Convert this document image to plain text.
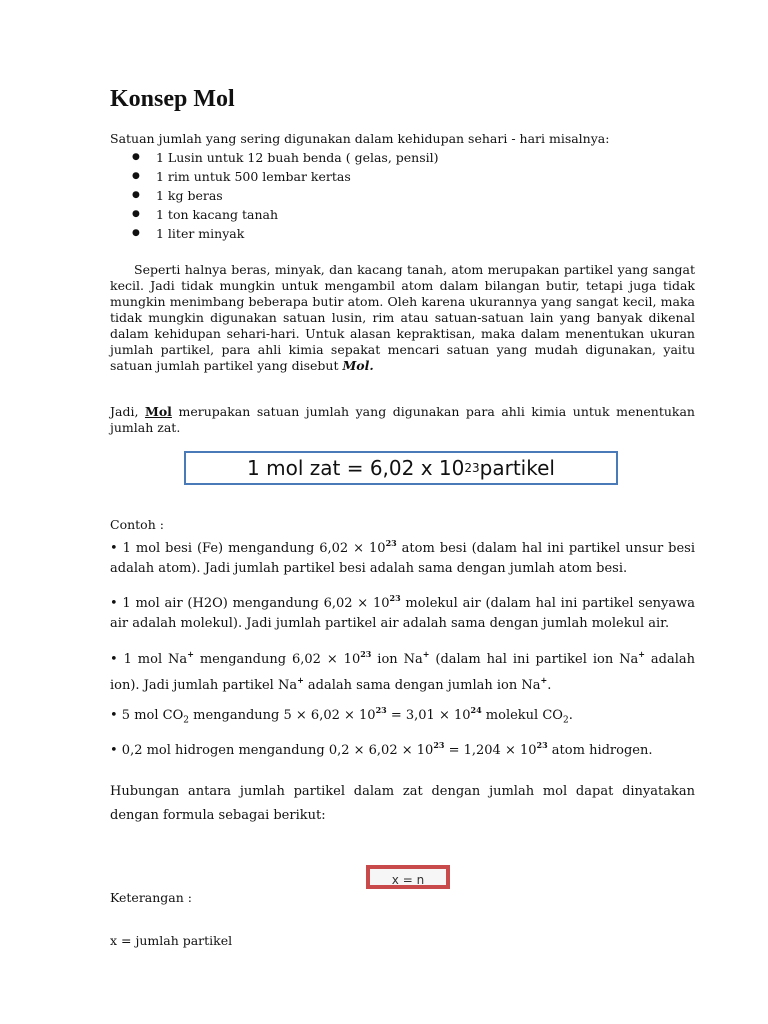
Konsep Mol

Satuan jumlah yang sering digunakan dalam kehidupan sehari - hari misalnya:

● 1 Lusin untuk 12 buah benda ( gelas, pensil)
● 1 rim untuk 500 lembar kertas
● 1 kg beras
● 1 ton kacang tanah
● 1 liter minyak

Seperti halnya beras, minyak, dan kacang tanah, atom merupakan partikel yang sangat kecil. Jadi tidak mungkin untuk mengambil atom dalam bilangan butir, tetapi juga tidak mungkin menimbang beberapa butir atom. Oleh karena ukurannya yang sangat kecil, maka tidak mungkin digunakan satuan lusin, rim atau satuan-satuan lain yang banyak dikenal dalam kehidupan sehari-hari. Untuk alasan kepraktisan, maka dalam menentukan ukuran jumlah partikel, para ahli kimia sepakat mencari satuan yang mudah digunakan, yaitu satuan jumlah partikel yang disebut Mol.

Jadi, Mol merupakan satuan jumlah yang digunakan para ahli kimia untuk menentukan jumlah zat.

1 mol zat = 6,02 x 10 23 partikel

Contoh :

• 1 mol besi (Fe) mengandung $6,02 \times 10^{23}$ atom besi (dalam hal ini partikel unsur besi adalah atom). Jadi jumlah partikel besi adalah sama dengan jumlah atom besi.

• 1 mol air (H2O) mengandung $6,02 \times 10^{23}$ molekul air (dalam hal ini partikel senyawa air adalah molekul). Jadi jumlah partikel air adalah sama dengan jumlah molekul air.

• 1 mol Na+ mengandung $6,02 \times 10^{23}$ ion Na+ (dalam hal ini partikel ion Na+ adalah ion). Jadi jumlah partikel Na+ adalah sama dengan jumlah ion Na+.

• 5 mol $CO_2$ mengandung $5 \times 6,02 \times 10^{23} = 3,01 \times 10^{24}$ molekul $CO_2$.

• 0,2 mol hidrogen mengandung $0,2 \times 6,02 \times 10^{23} = 1,204 \times 10^{23}$ atom hidrogen.

Hubungan antara jumlah partikel dalam zat dengan jumlah mol dapat dinyatakan dengan formula sebagai berikut:

x = n

Keterangan :

x = jumlah partikel
